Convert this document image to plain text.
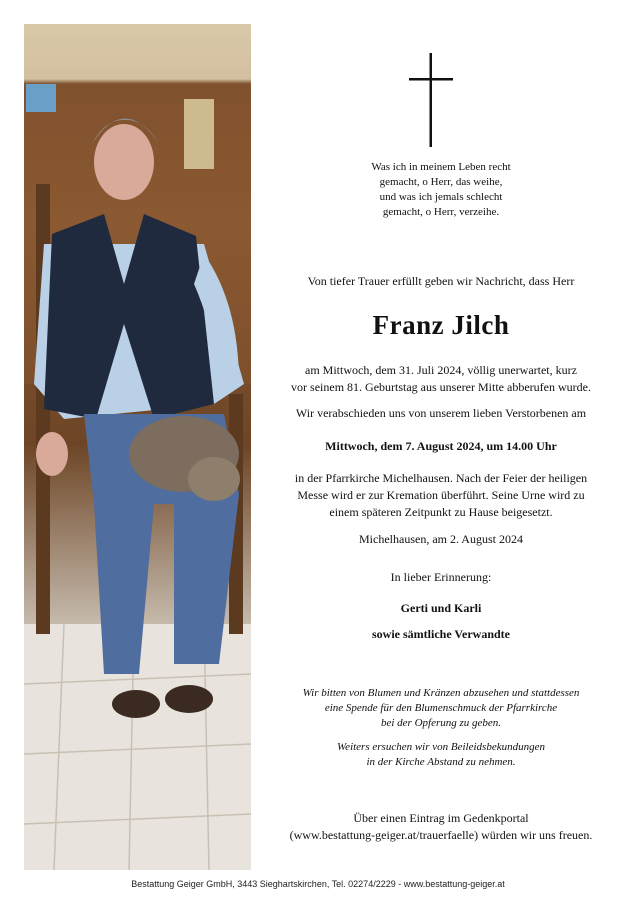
Was ich in meinem Leben recht
gemacht, o Herr, das weihe,
und was ich jemals schlecht
gemacht, o Herr, verzeihe.
Von tiefer Trauer erfüllt geben wir Nachricht, dass Herr
Franz Jilch
am Mittwoch, dem 31. Juli 2024, völlig unerwartet, kurz
vor seinem 81. Geburtstag aus unserer Mitte abberufen wurde.
Wir verabschieden uns von unserem lieben Verstorbenen am
Mittwoch, dem 7. August 2024, um 14.00 Uhr
in der Pfarrkirche Michelhausen. Nach der Feier der heiligen
Messe wird er zur Kremation überführt. Seine Urne wird zu
einem späteren Zeitpunkt zu Hause beigesetzt.
Michelhausen, am 2. August 2024
In lieber Erinnerung:
Gerti und Karli
sowie sämtliche Verwandte
Wir bitten von Blumen und Kränzen abzusehen und stattdessen
eine Spende für den Blumenschmuck der Pfarrkirche
bei der Opferung zu geben.
Weiters ersuchen wir von Beileidsbekundungen
in der Kirche Abstand zu nehmen.
Über einen Eintrag im Gedenkportal
(www.bestattung-geiger.at/trauerfaelle) würden wir uns freuen.
Bestattung Geiger GmbH, 3443 Sieghartskirchen, Tel. 02274/2229 - www.bestattung-geiger.at
